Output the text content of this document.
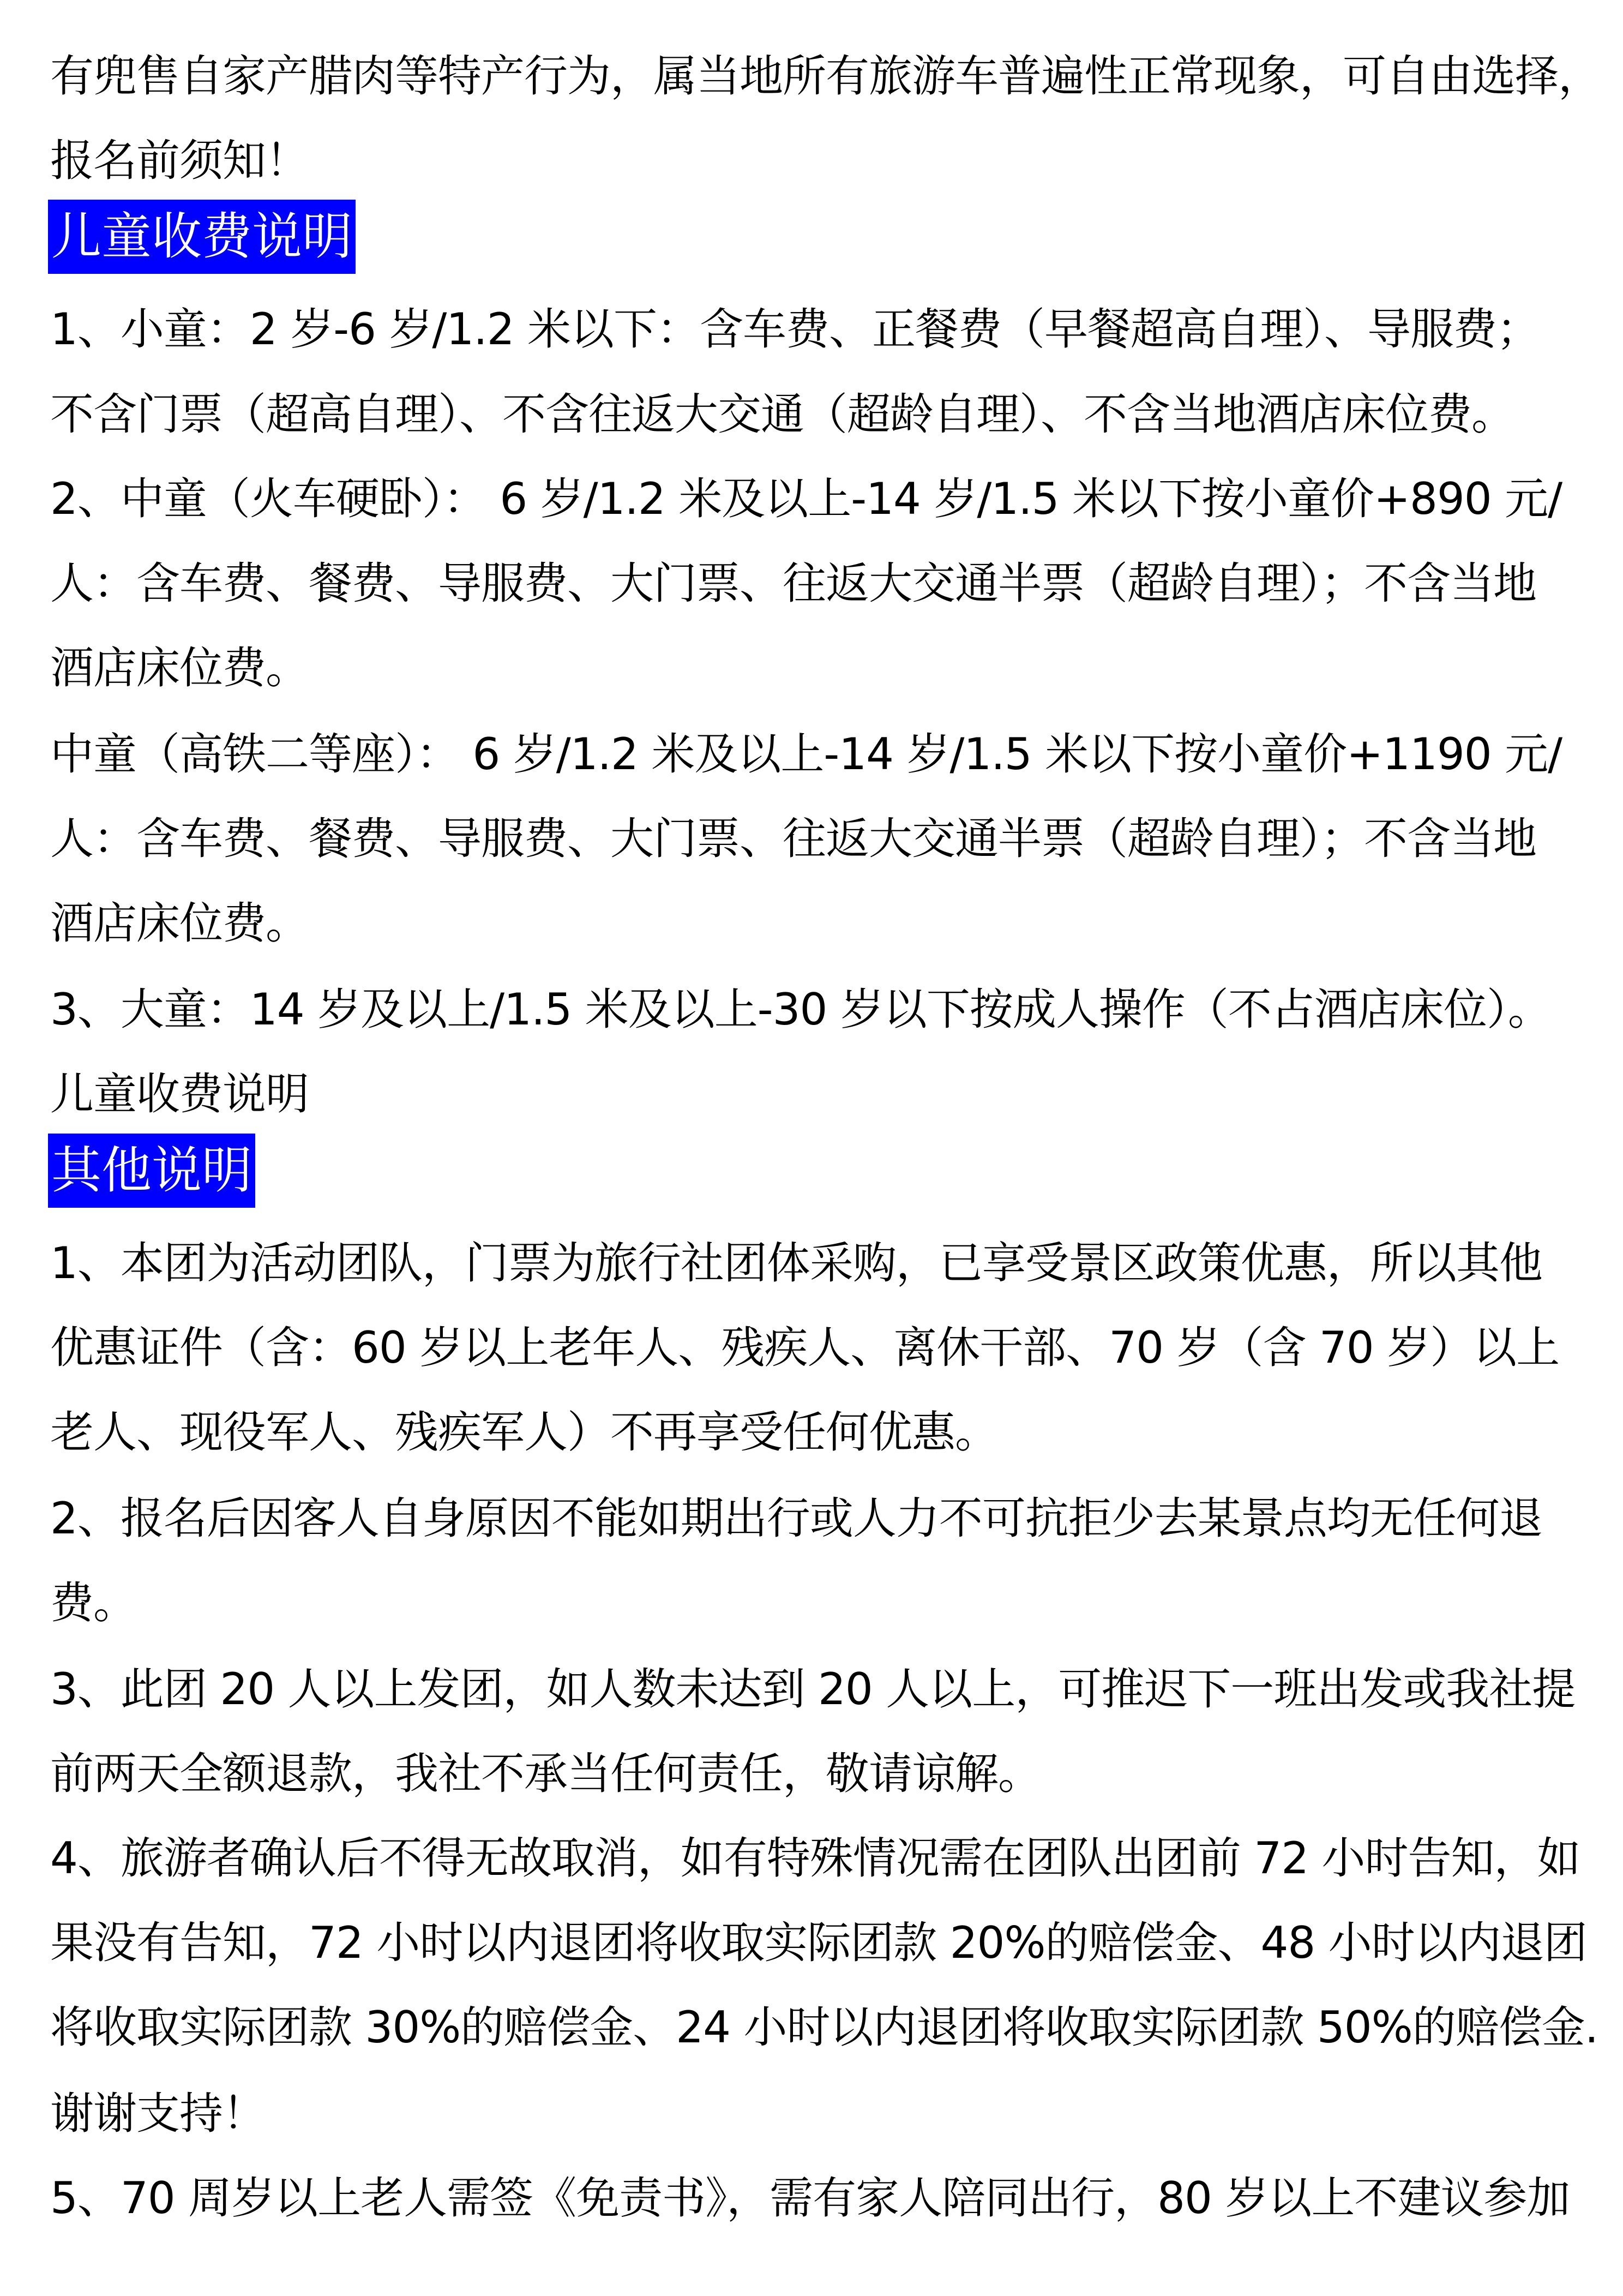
有兜售自家产腊肉等特产行为，属当地所有旅游车普遍性正常现象，可自由选择，
报名前须知！
儿童收费说明
1、小童：2 岁-6 岁/1.2 米以下：含车费、正餐费（早餐超高自理）、导服费；
不含门票（超高自理）、不含往返大交通（超龄自理）、不含当地酒店床位费。
2、中童（火车硬卧）： 6 岁/1.2 米及以上-14 岁/1.5 米以下按小童价+890 元/
人：含车费、餐费、导服费、大门票、往返大交通半票（超龄自理）；不含当地
酒店床位费。
中童（高铁二等座）： 6 岁/1.2 米及以上-14 岁/1.5 米以下按小童价+1190 元/
人：含车费、餐费、导服费、大门票、往返大交通半票（超龄自理）；不含当地
酒店床位费。
3、大童：14 岁及以上/1.5 米及以上-30 岁以下按成人操作（不占酒店床位）。
儿童收费说明
其他说明
1、本团为活动团队，门票为旅行社团体采购，已享受景区政策优惠，所以其他
优惠证件（含：60 岁以上老年人、残疾人、离休干部、70 岁（含 70 岁）以上
老人、现役军人、残疾军人）不再享受任何优惠。
2、报名后因客人自身原因不能如期出行或人力不可抗拒少去某景点均无任何退
费。
3、此团 20 人以上发团，如人数未达到 20 人以上，可推迟下一班出发或我社提
前两天全额退款，我社不承当任何责任，敬请谅解。
4、旅游者确认后不得无故取消，如有特殊情况需在团队出团前 72 小时告知，如
果没有告知，72 小时以内退团将收取实际团款 20%的赔偿金、48 小时以内退团
将收取实际团款 30%的赔偿金、24 小时以内退团将收取实际团款 50%的赔偿金.
谢谢支持！
5、70 周岁以上老人需签《免责书》，需有家人陪同出行，80 岁以上不建议参加
